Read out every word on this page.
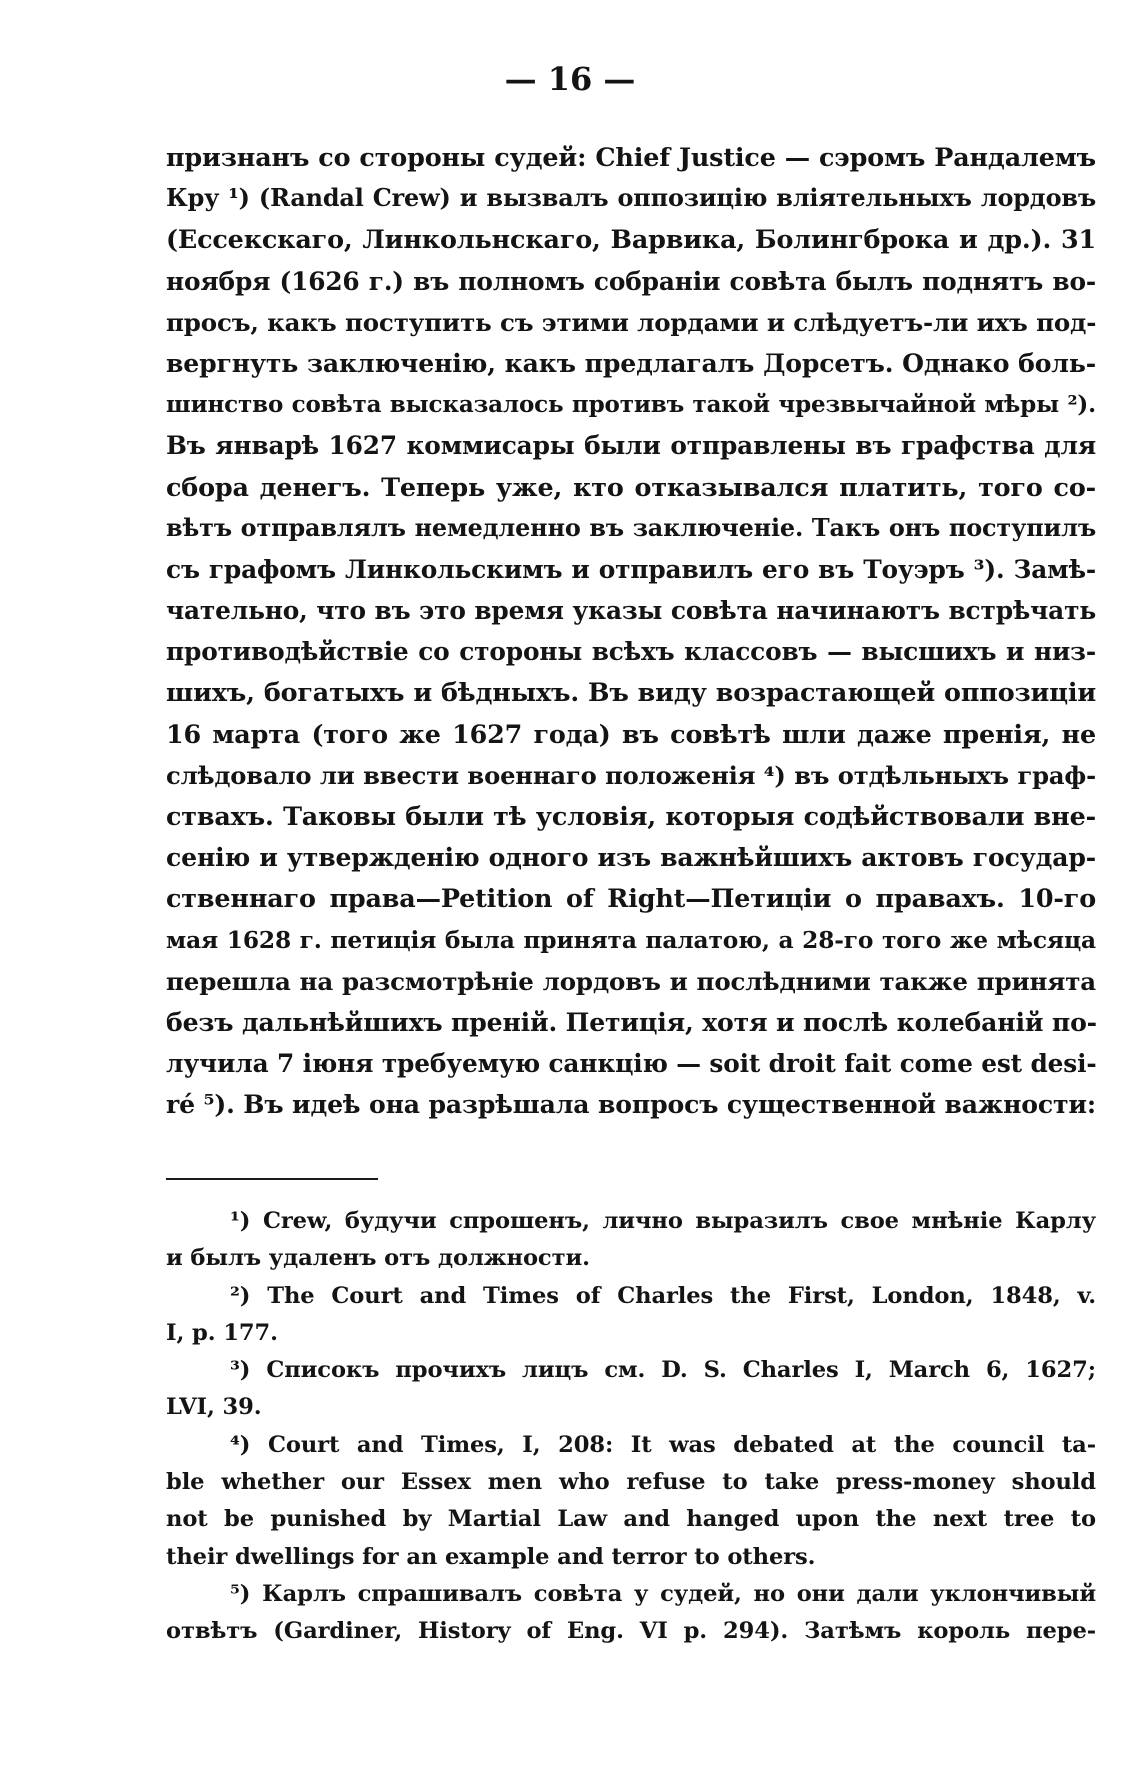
— 16 —
признанъ со стороны судей: Chief Justice — сэромъ Рандалемъ
Кру ¹) (Randal Crew) и вызвалъ оппозицію вліятельныхъ лордовъ
(Ессекскаго, Линкольнскаго, Варвика, Болингброка и др.). 31
ноября (1626 г.) въ полномъ собраніи совѣта былъ поднятъ во-
просъ, какъ поступить съ этими лордами и слѣдуетъ-ли ихъ под-
вергнуть заключенію, какъ предлагалъ Дорсетъ. Однако боль-
шинство совѣта высказалось противъ такой чрезвычайной мѣры ²).
Въ январѣ 1627 коммисары были отправлены въ графства для
сбора денегъ. Теперь уже, кто отказывался платить, того со-
вѣтъ отправлялъ немедленно въ заключеніе. Такъ онъ поступилъ
съ графомъ Линкольскимъ и отправилъ его въ Тоуэръ ³). Замѣ-
чательно, что въ это время указы совѣта начинаютъ встрѣчать
противодѣйствіе со стороны всѣхъ классовъ — высшихъ и низ-
шихъ, богатыхъ и бѣдныхъ. Въ виду возрастающей оппозиціи
16 марта (того же 1627 года) въ совѣтѣ шли даже пренія, не
слѣдовало ли ввести военнаго положенія ⁴) въ отдѣльныхъ граф-
ствахъ. Таковы были тѣ условія, которыя содѣйствовали вне-
сенію и утвержденію одного изъ важнѣйшихъ актовъ государ-
ственнаго права—Petition of Right—Петиціи о правахъ. 10-го
мая 1628 г. петиція была принята палатою, а 28-го того же мѣсяца
перешла на разсмотрѣніе лордовъ и послѣдними также принята
безъ дальнѣйшихъ преній. Петиція, хотя и послѣ колебаній по-
лучила 7 іюня требуемую санкцію — soit droit fait come est desi-
ré ⁵). Въ идеѣ она разрѣшала вопросъ существенной важности:
¹) Crew, будучи спрошенъ, лично выразилъ свое мнѣніе Карлу
и былъ удаленъ отъ должности.
²) The Court and Times of Charles the First, London, 1848, v.
I, p. 177.
³) Списокъ прочихъ лицъ см. D. S. Charles I, March 6, 1627;
LVI, 39.
⁴) Court and Times, I, 208: It was debated at the council ta-
ble whether our Essex men who refuse to take press-money should
not be punished by Martial Law and hanged upon the next tree to
their dwellings for an example and terror to others.
⁵) Карлъ спрашивалъ совѣта у судей, но они дали уклончивый
отвѣтъ (Gardiner, History of Eng. VI p. 294). Затѣмъ король пере-
